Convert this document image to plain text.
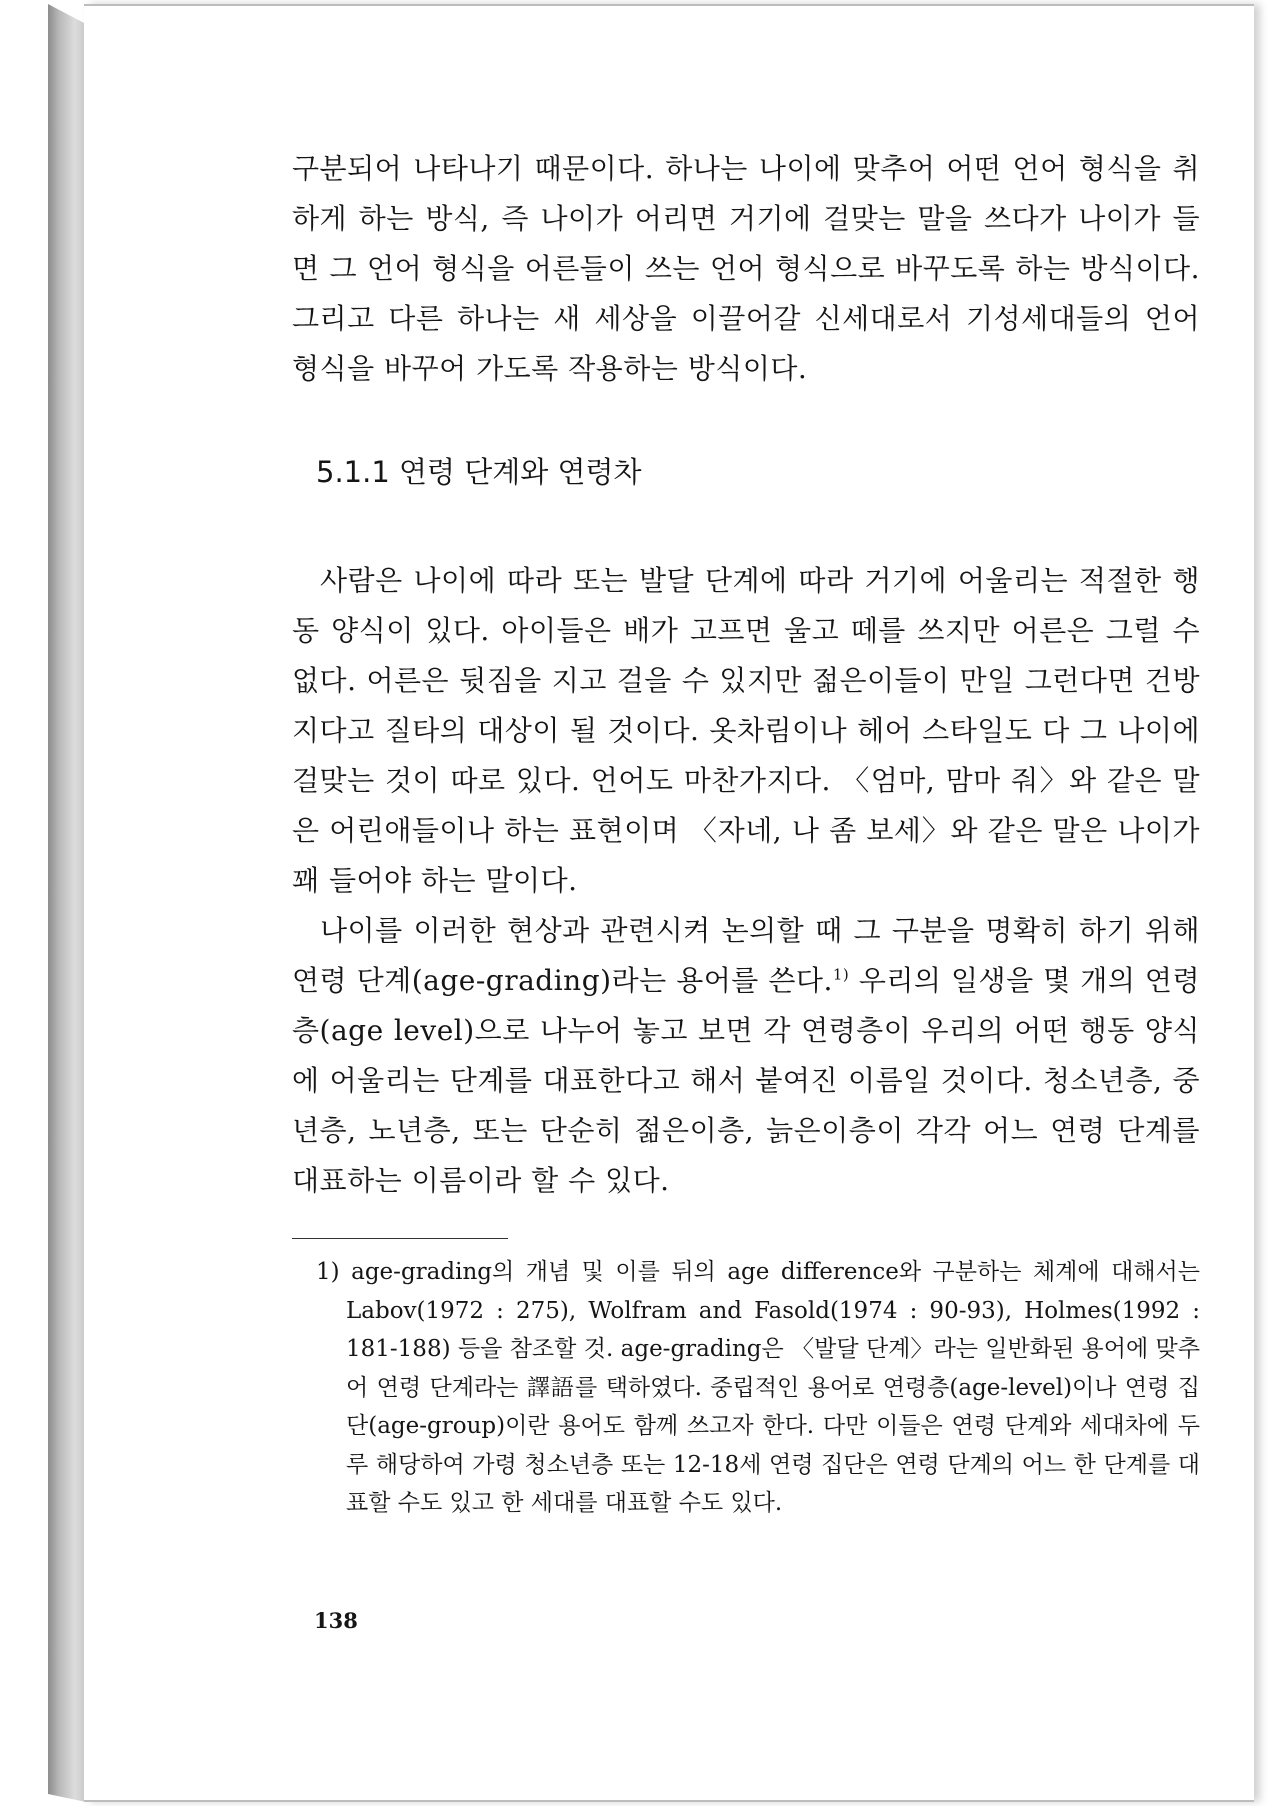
구분되어 나타나기 때문이다. 하나는 나이에 맞추어 어떤 언어 형식을 취하게 하는 방식, 즉 나이가 어리면 거기에 걸맞는 말을 쓰다가 나이가 들면 그 언어 형식을 어른들이 쓰는 언어 형식으로 바꾸도록 하는 방식이다. 그리고 다른 하나는 새 세상을 이끌어갈 신세대로서 기성세대들의 언어 형식을 바꾸어 가도록 작용하는 방식이다.

5.1.1 연령 단계와 연령차

사람은 나이에 따라 또는 발달 단계에 따라 거기에 어울리는 적절한 행동 양식이 있다. 아이들은 배가 고프면 울고 떼를 쓰지만 어른은 그럴 수 없다. 어른은 뒷짐을 지고 걸을 수 있지만 젊은이들이 만일 그런다면 건방지다고 질타의 대상이 될 것이다. 옷차림이나 헤어 스타일도 다 그 나이에 걸맞는 것이 따로 있다. 언어도 마찬가지다. 〈엄마, 맘마 줘〉와 같은 말은 어린애들이나 하는 표현이며 〈자네, 나 좀 보세〉와 같은 말은 나이가 꽤 들어야 하는 말이다.

나이를 이러한 현상과 관련시켜 논의할 때 그 구분을 명확히 하기 위해 연령 단계(age-grading)라는 용어를 쓴다.$^{1)}$ 우리의 일생을 몇 개의 연령층(age level)으로 나누어 놓고 보면 각 연령층이 우리의 어떤 행동 양식에 어울리는 단계를 대표한다고 해서 붙여진 이름일 것이다. 청소년층, 중년층, 노년층, 또는 단순히 젊은이층, 늙은이층이 각각 어느 연령 단계를 대표하는 이름이라 할 수 있다.

1) age-grading의 개념 및 이를 뒤의 age difference와 구분하는 체계에 대해서는 Labov(1972 : 275), Wolfram and Fasold(1974 : 90-93), Holmes(1992 : 181-188) 등을 참조할 것. age-grading은 〈발달 단계〉라는 일반화된 용어에 맞추어 연령 단계라는 譯語를 택하였다. 중립적인 용어로 연령층(age-level)이나 연령 집단(age-group)이란 용어도 함께 쓰고자 한다. 다만 이들은 연령 단계와 세대차에 두루 해당하여 가령 청소년층 또는 12-18세 연령 집단은 연령 단계의 어느 한 단계를 대표할 수도 있고 한 세대를 대표할 수도 있다.

138
